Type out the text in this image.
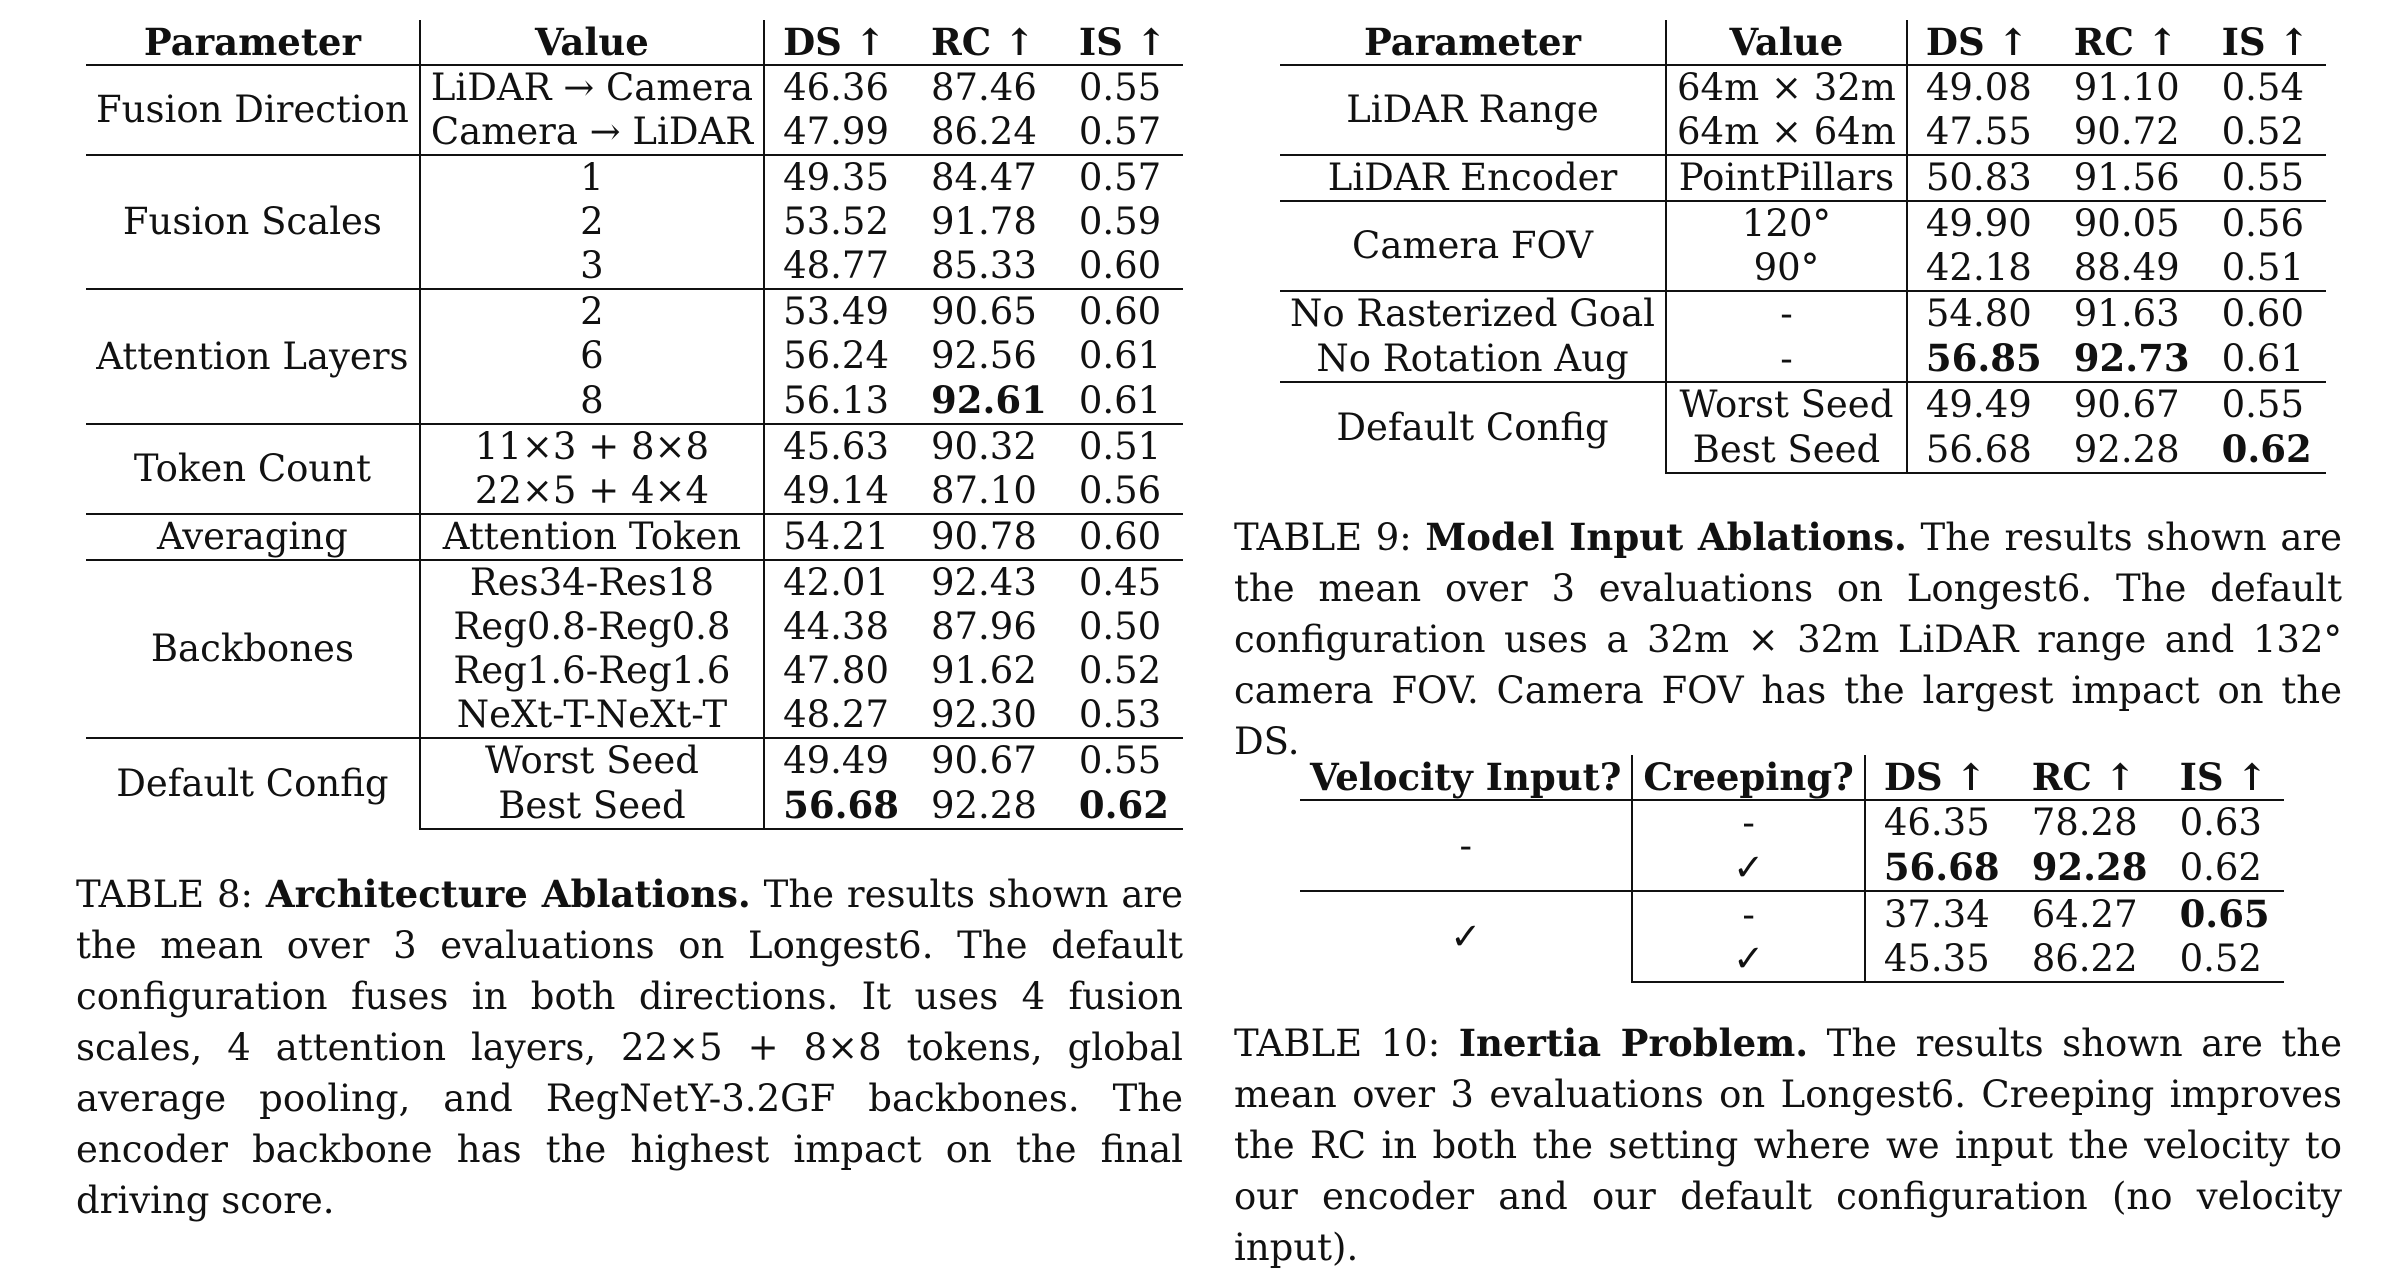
Parameter	Value	DS ↑	RC ↑	IS ↑
Fusion Direction	LiDAR → Camera	46.36	87.46	0.55
	Camera → LiDAR	47.99	86.24	0.57
Fusion Scales	1	49.35	84.47	0.57
	2	53.52	91.78	0.59
	3	48.77	85.33	0.60
Attention Layers	2	53.49	90.65	0.60
	6	56.24	92.56	0.61
	8	56.13	92.61	0.61
Token Count	11×3 + 8×8	45.63	90.32	0.51
	22×5 + 4×4	49.14	87.10	0.56
Averaging	Attention Token	54.21	90.78	0.60
Backbones	Res34-Res18	42.01	92.43	0.45
	Reg0.8-Reg0.8	44.38	87.96	0.50
	Reg1.6-Reg1.6	47.80	91.62	0.52
	NeXt-T-NeXt-T	48.27	92.30	0.53
Default Config	Worst Seed	49.49	90.67	0.55
	Best Seed	56.68	92.28	0.62
TABLE 8: Architecture Ablations. The results shown are the mean over 3 evaluations on Longest6. The default configuration fuses in both directions. It uses 4 fusion scales, 4 attention layers, 22×5 + 8×8 tokens, global average pooling, and RegNetY-3.2GF backbones. The encoder backbone has the highest impact on the final driving score.
Parameter	Value	DS ↑	RC ↑	IS ↑
LiDAR Range	64m × 32m	49.08	91.10	0.54
	64m × 64m	47.55	90.72	0.52
LiDAR Encoder	PointPillars	50.83	91.56	0.55
Camera FOV	120°	49.90	90.05	0.56
	90°	42.18	88.49	0.51
No Rasterized Goal	-	54.80	91.63	0.60
No Rotation Aug	-	56.85	92.73	0.61
Default Config	Worst Seed	49.49	90.67	0.55
	Best Seed	56.68	92.28	0.62
TABLE 9: Model Input Ablations. The results shown are the mean over 3 evaluations on Longest6. The default configuration uses a 32m × 32m LiDAR range and 132° camera FOV. Camera FOV has the largest impact on the DS.
Velocity Input?	Creeping?	DS ↑	RC ↑	IS ↑
-	-	46.35	78.28	0.63
	✓	56.68	92.28	0.62
✓	-	37.34	64.27	0.65
	✓	45.35	86.22	0.52
TABLE 10: Inertia Problem. The results shown are the mean over 3 evaluations on Longest6. Creeping improves the RC in both the setting where we input the velocity to our encoder and our default configuration (no velocity input).
